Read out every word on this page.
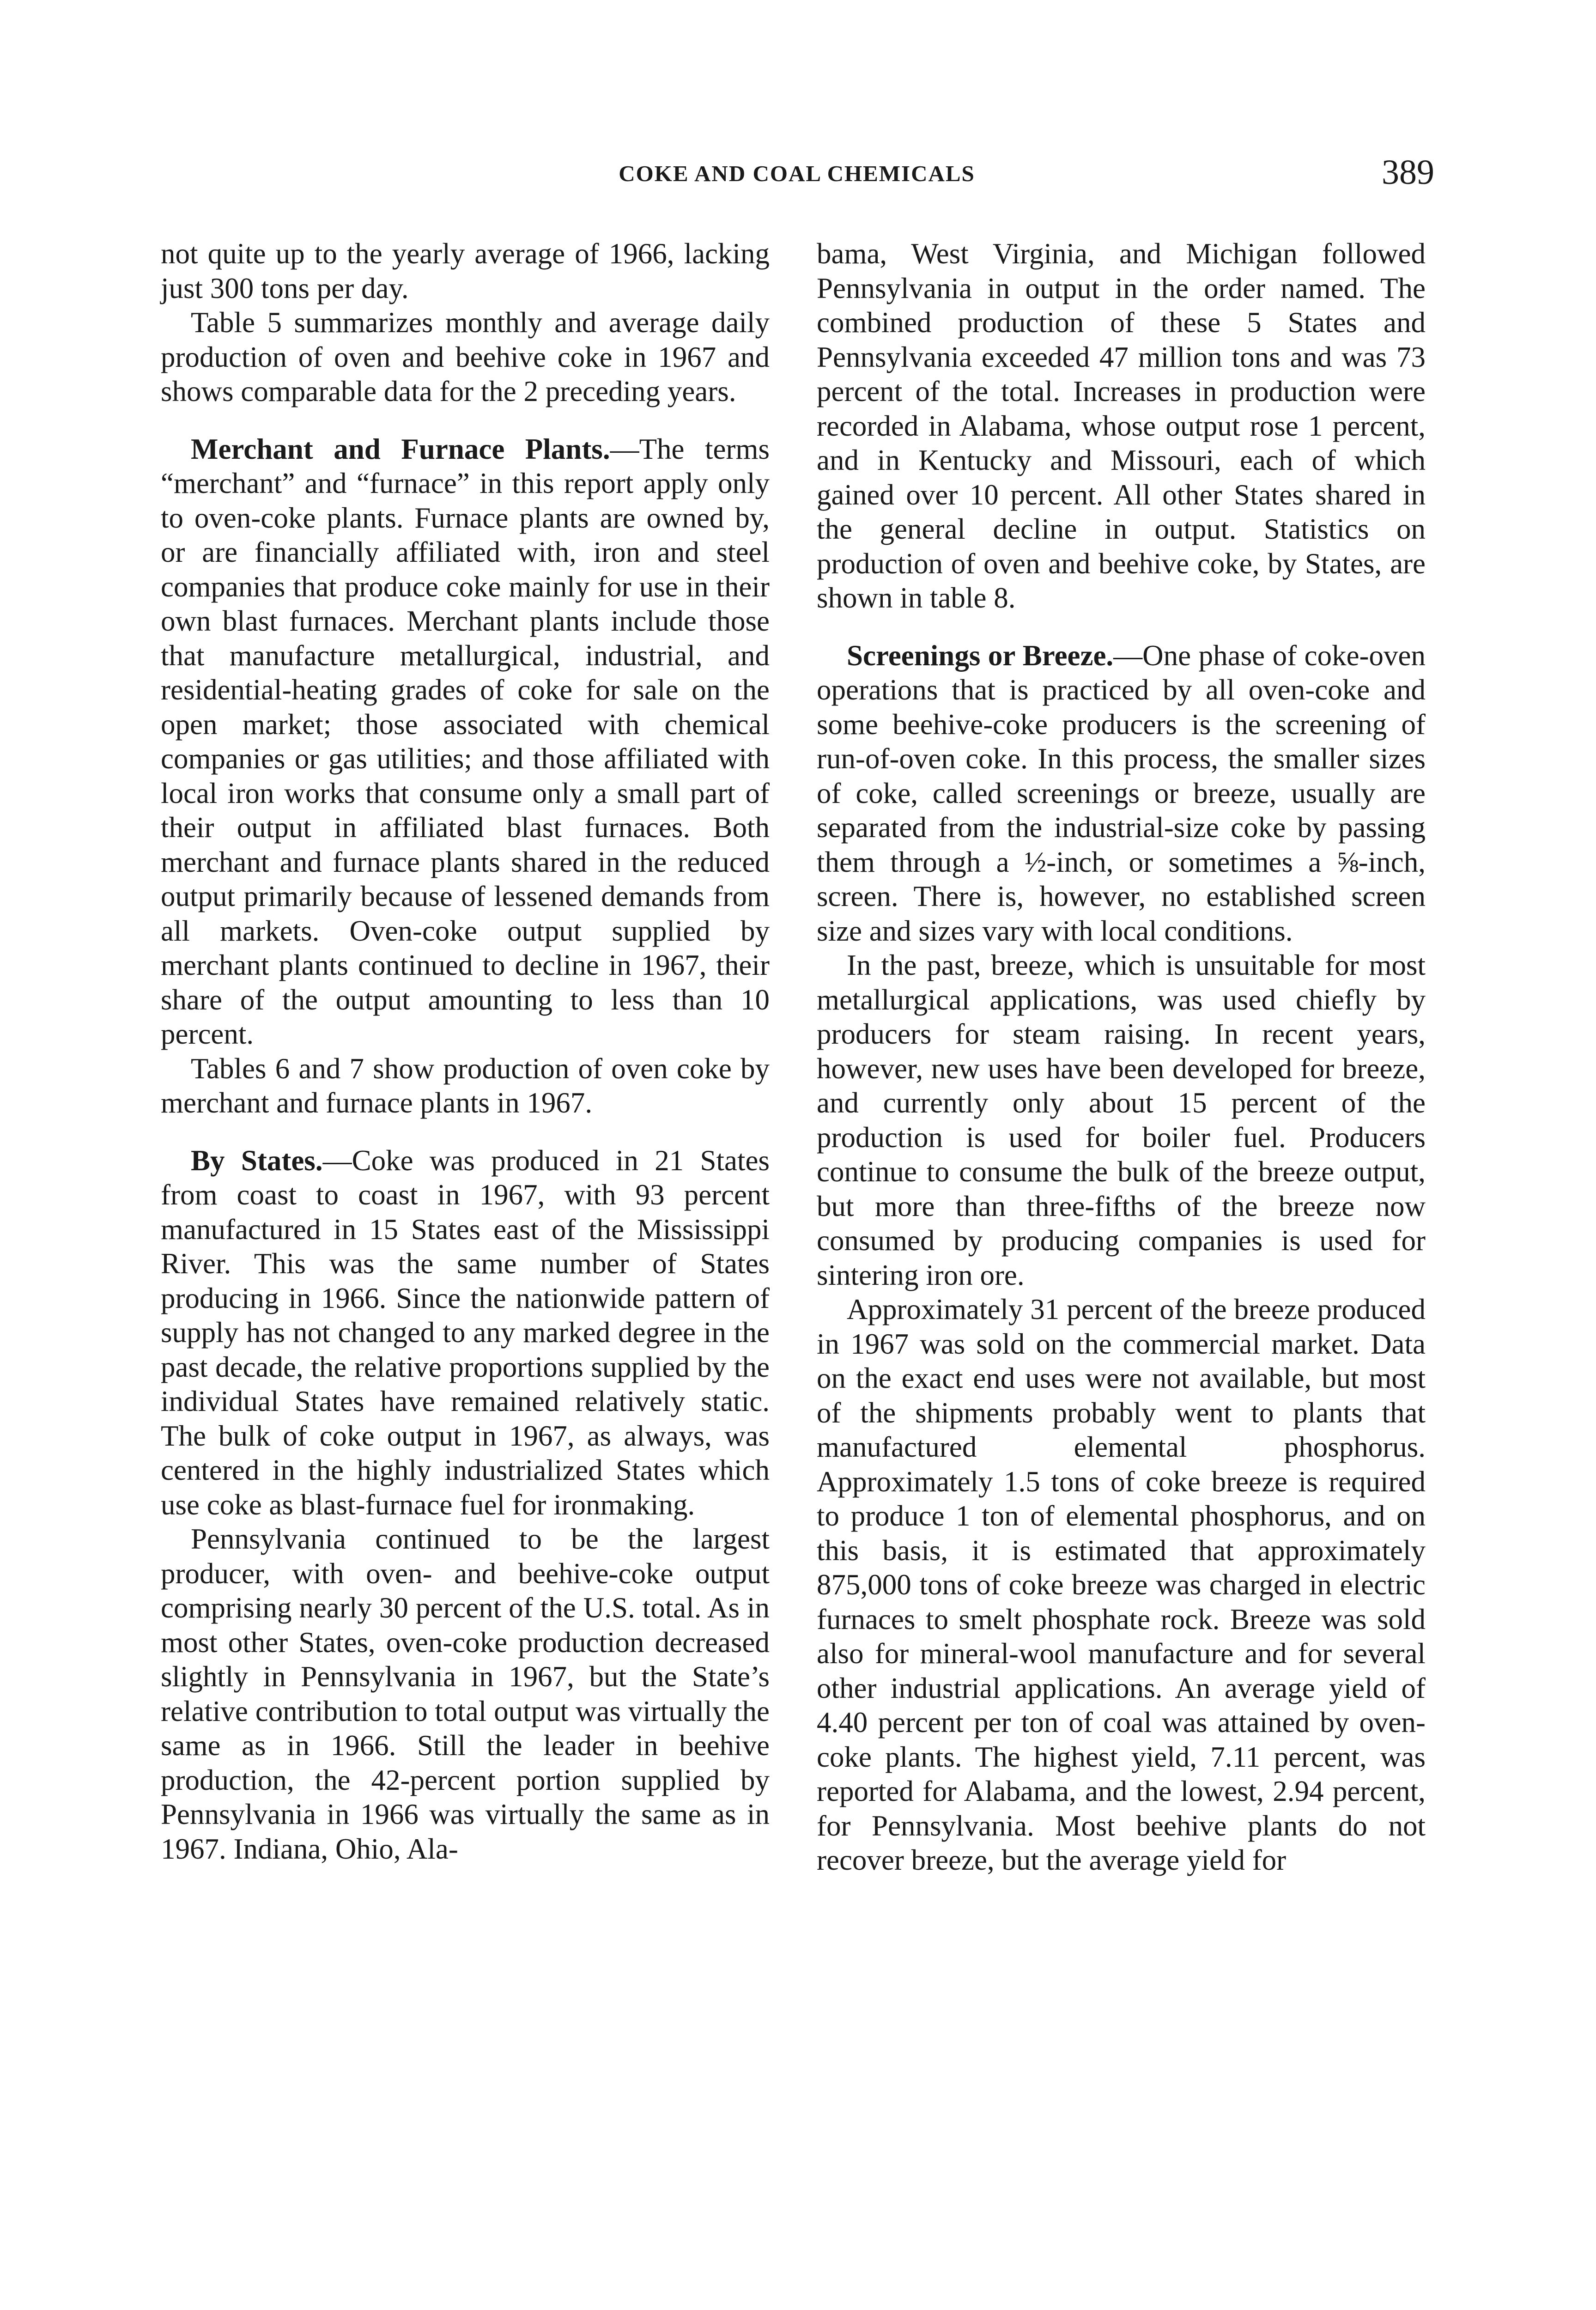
COKE AND COAL CHEMICALS	389

not quite up to the yearly average of 1966, lacking just 300 tons per day.

Table 5 summarizes monthly and average daily production of oven and beehive coke in 1967 and shows comparable data for the 2 preceding years.

Merchant and Furnace Plants.—The terms “merchant” and “furnace” in this report apply only to oven-coke plants. Furnace plants are owned by, or are financially affiliated with, iron and steel companies that produce coke mainly for use in their own blast furnaces. Merchant plants include those that manufacture metallurgical, industrial, and residential-heating grades of coke for sale on the open market; those associated with chemical companies or gas utilities; and those affiliated with local iron works that consume only a small part of their output in affiliated blast furnaces. Both merchant and furnace plants shared in the reduced output primarily because of lessened demands from all markets. Oven-coke output supplied by merchant plants continued to decline in 1967, their share of the output amounting to less than 10 percent.

Tables 6 and 7 show production of oven coke by merchant and furnace plants in 1967.

By States.—Coke was produced in 21 States from coast to coast in 1967, with 93 percent manufactured in 15 States east of the Mississippi River. This was the same number of States producing in 1966. Since the nationwide pattern of supply has not changed to any marked degree in the past decade, the relative proportions supplied by the individual States have remained relatively static. The bulk of coke output in 1967, as always, was centered in the highly industrialized States which use coke as blast-furnace fuel for ironmaking.

Pennsylvania continued to be the largest producer, with oven- and beehive-coke output comprising nearly 30 percent of the U.S. total. As in most other States, oven-coke production decreased slightly in Pennsylvania in 1967, but the State’s relative contribution to total output was virtually the same as in 1966. Still the leader in beehive production, the 42-percent portion supplied by Pennsylvania in 1966 was virtually the same as in 1967. Indiana, Ohio, Ala-

bama, West Virginia, and Michigan followed Pennsylvania in output in the order named. The combined production of these 5 States and Pennsylvania exceeded 47 million tons and was 73 percent of the total. Increases in production were recorded in Alabama, whose output rose 1 percent, and in Kentucky and Missouri, each of which gained over 10 percent. All other States shared in the general decline in output. Statistics on production of oven and beehive coke, by States, are shown in table 8.

Screenings or Breeze.—One phase of coke-oven operations that is practiced by all oven-coke and some beehive-coke producers is the screening of run-of-oven coke. In this process, the smaller sizes of coke, called screenings or breeze, usually are separated from the industrial-size coke by passing them through a ½-inch, or sometimes a ⅝-inch, screen. There is, however, no established screen size and sizes vary with local conditions.

In the past, breeze, which is unsuitable for most metallurgical applications, was used chiefly by producers for steam raising. In recent years, however, new uses have been developed for breeze, and currently only about 15 percent of the production is used for boiler fuel. Producers continue to consume the bulk of the breeze output, but more than three-fifths of the breeze now consumed by producing companies is used for sintering iron ore.

Approximately 31 percent of the breeze produced in 1967 was sold on the commercial market. Data on the exact end uses were not available, but most of the shipments probably went to plants that manufactured elemental phosphorus. Approximately 1.5 tons of coke breeze is required to produce 1 ton of elemental phosphorus, and on this basis, it is estimated that approximately 875,000 tons of coke breeze was charged in electric furnaces to smelt phosphate rock. Breeze was sold also for mineral-wool manufacture and for several other industrial applications. An average yield of 4.40 percent per ton of coal was attained by oven-coke plants. The highest yield, 7.11 percent, was reported for Alabama, and the lowest, 2.94 percent, for Pennsylvania. Most beehive plants do not recover breeze, but the average yield for
